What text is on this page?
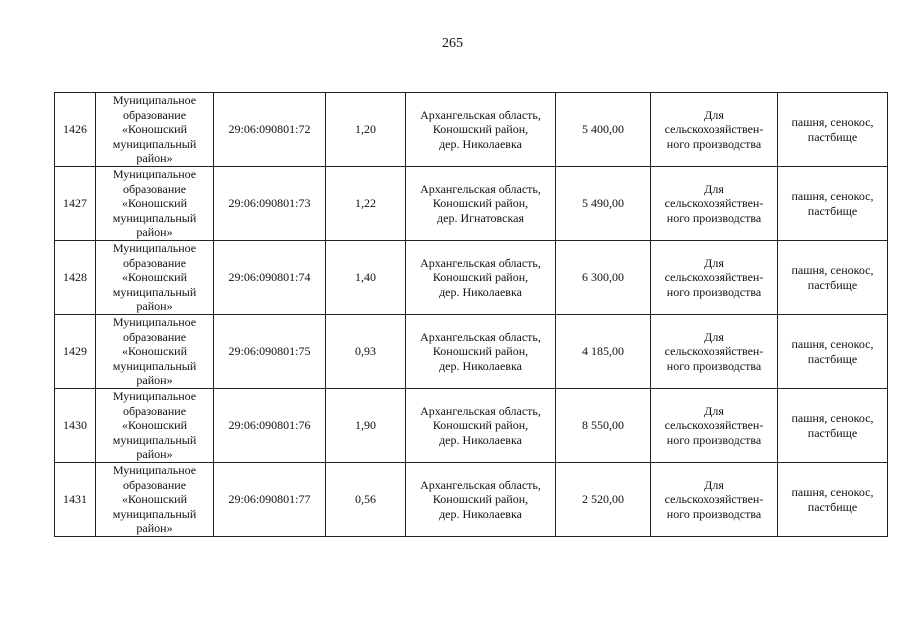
265
1426	Муниципальное
образование
«Коношский
муниципальный
район»	29:06:090801:72	1,20	Архангельская область,
Коношский район,
дер. Николаевка	5 400,00	Для
сельскохозяйствен-
ного производства	пашня, сенокос,
пастбище
1427	Муниципальное
образование
«Коношский
муниципальный
район»	29:06:090801:73	1,22	Архангельская область,
Коношский район,
дер. Игнатовская	5 490,00	Для
сельскохозяйствен-
ного производства	пашня, сенокос,
пастбище
1428	Муниципальное
образование
«Коношский
муниципальный
район»	29:06:090801:74	1,40	Архангельская область,
Коношский район,
дер. Николаевка	6 300,00	Для
сельскохозяйствен-
ного производства	пашня, сенокос,
пастбище
1429	Муниципальное
образование
«Коношский
муниципальный
район»	29:06:090801:75	0,93	Архангельская область,
Коношский район,
дер. Николаевка	4 185,00	Для
сельскохозяйствен-
ного производства	пашня, сенокос,
пастбище
1430	Муниципальное
образование
«Коношский
муниципальный
район»	29:06:090801:76	1,90	Архангельская область,
Коношский район,
дер. Николаевка	8 550,00	Для
сельскохозяйствен-
ного производства	пашня, сенокос,
пастбище
1431	Муниципальное
образование
«Коношский
муниципальный
район»	29:06:090801:77	0,56	Архангельская область,
Коношский район,
дер. Николаевка	2 520,00	Для
сельскохозяйствен-
ного производства	пашня, сенокос,
пастбище
